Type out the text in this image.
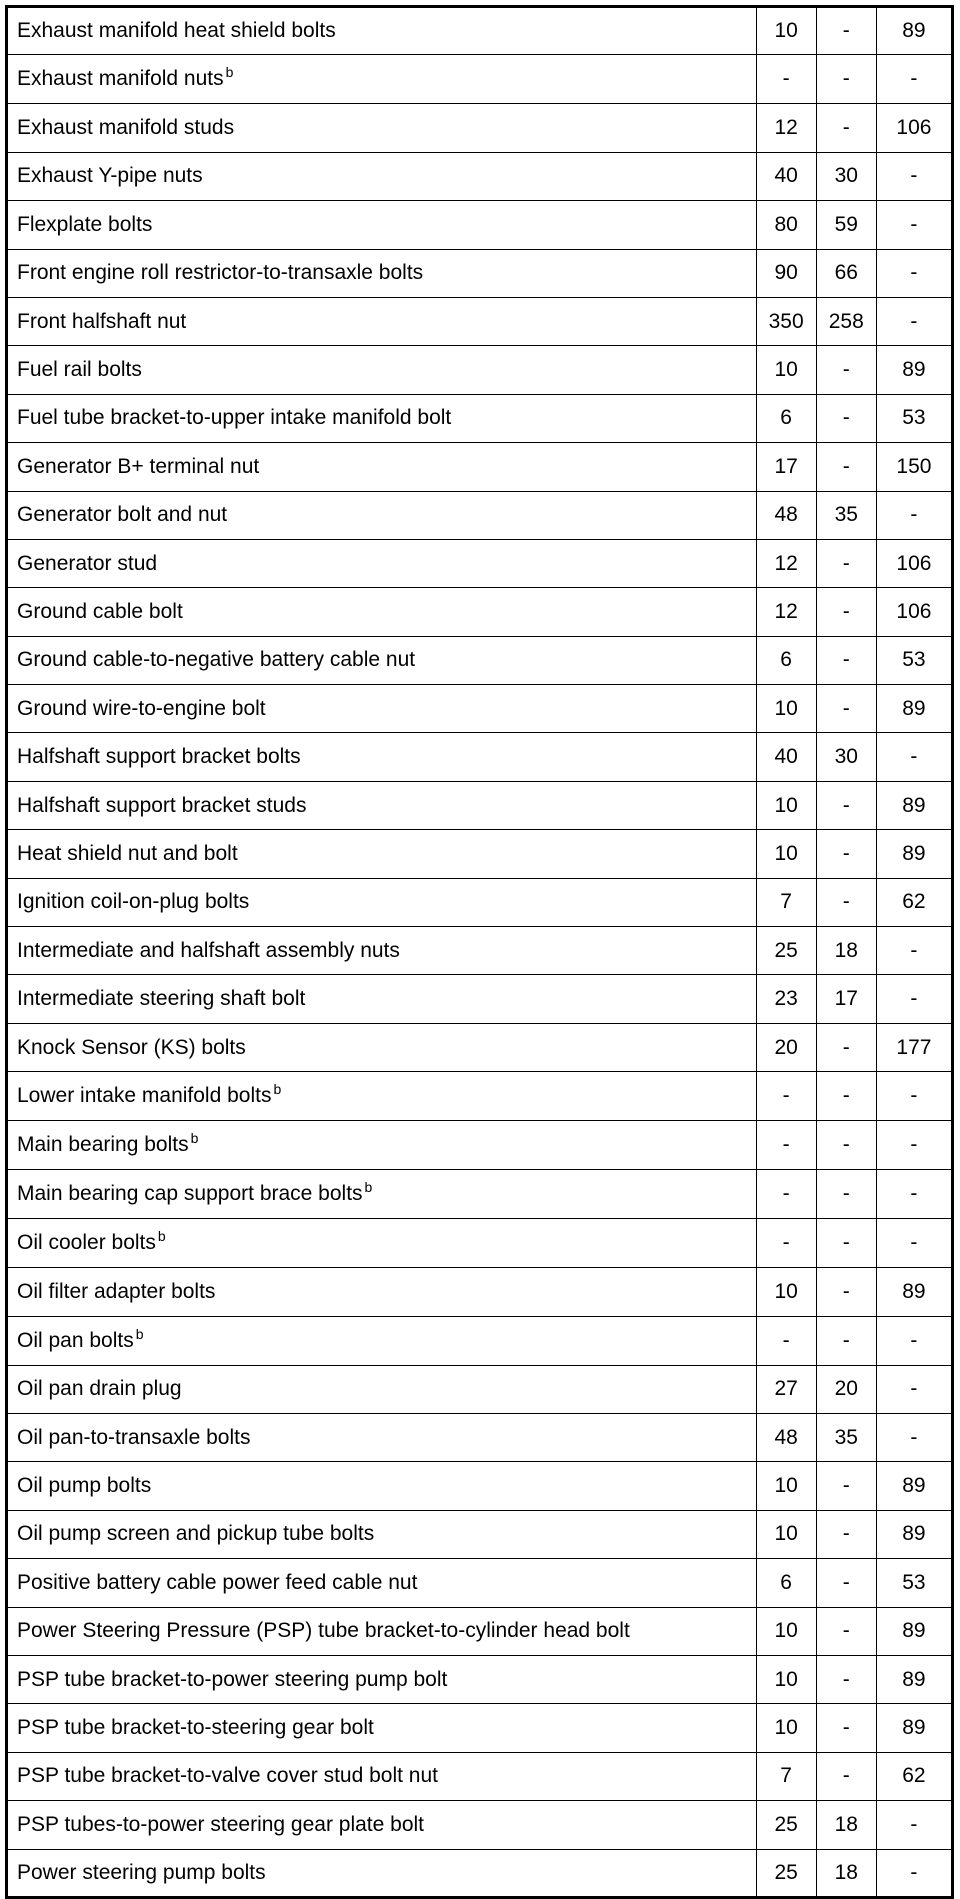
Exhaust manifold heat shield bolts	10	-	89
Exhaust manifold nuts $^b$	-	-	-
Exhaust manifold studs	12	-	106
Exhaust Y-pipe nuts	40	30	-
Flexplate bolts	80	59	-
Front engine roll restrictor-to-transaxle bolts	90	66	-
Front halfshaft nut	350	258	-
Fuel rail bolts	10	-	89
Fuel tube bracket-to-upper intake manifold bolt	6	-	53
Generator B+ terminal nut	17	-	150
Generator bolt and nut	48	35	-
Generator stud	12	-	106
Ground cable bolt	12	-	106
Ground cable-to-negative battery cable nut	6	-	53
Ground wire-to-engine bolt	10	-	89
Halfshaft support bracket bolts	40	30	-
Halfshaft support bracket studs	10	-	89
Heat shield nut and bolt	10	-	89
Ignition coil-on-plug bolts	7	-	62
Intermediate and halfshaft assembly nuts	25	18	-
Intermediate steering shaft bolt	23	17	-
Knock Sensor (KS) bolts	20	-	177
Lower intake manifold bolts $^b$	-	-	-
Main bearing bolts $^b$	-	-	-
Main bearing cap support brace bolts $^b$	-	-	-
Oil cooler bolts $^b$	-	-	-
Oil filter adapter bolts	10	-	89
Oil pan bolts $^b$	-	-	-
Oil pan drain plug	27	20	-
Oil pan-to-transaxle bolts	48	35	-
Oil pump bolts	10	-	89
Oil pump screen and pickup tube bolts	10	-	89
Positive battery cable power feed cable nut	6	-	53
Power Steering Pressure (PSP) tube bracket-to-cylinder head bolt	10	-	89
PSP tube bracket-to-power steering pump bolt	10	-	89
PSP tube bracket-to-steering gear bolt	10	-	89
PSP tube bracket-to-valve cover stud bolt nut	7	-	62
PSP tubes-to-power steering gear plate bolt	25	18	-
Power steering pump bolts	25	18	-
